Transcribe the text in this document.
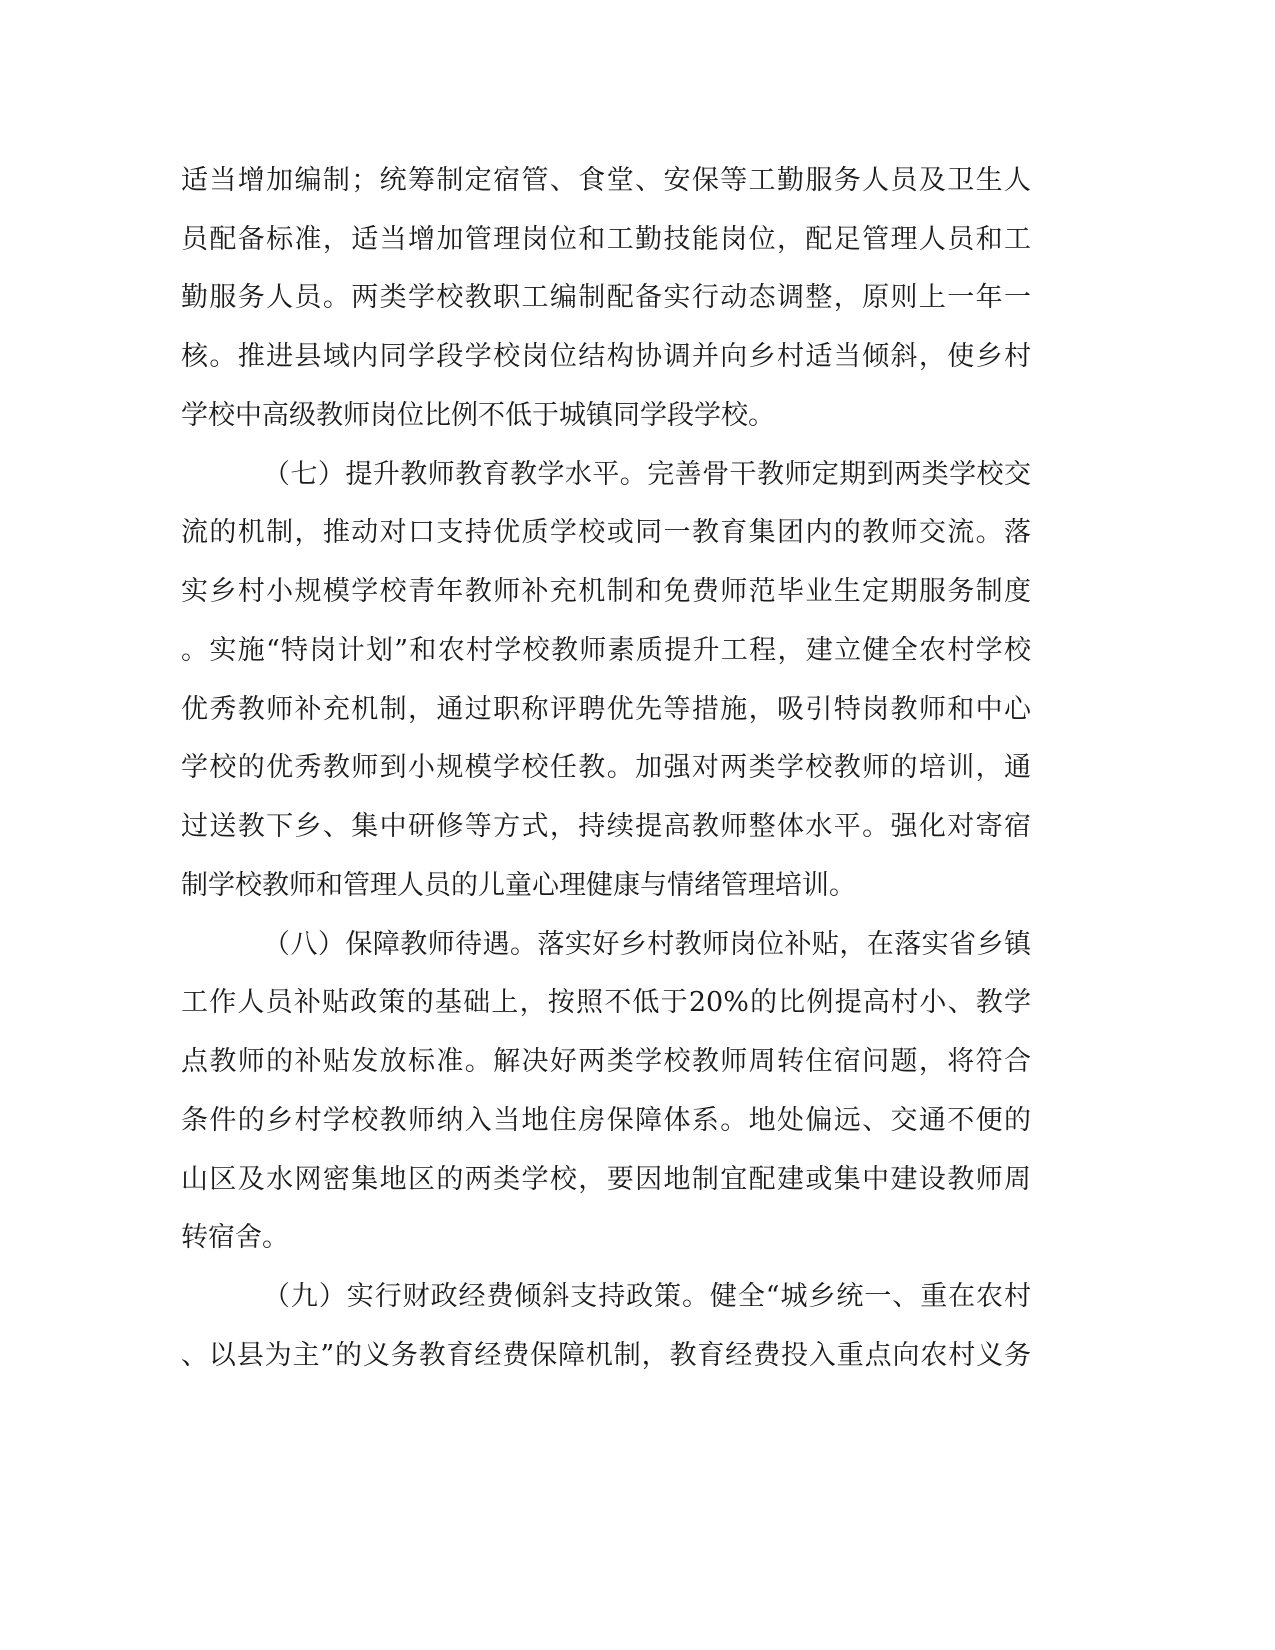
适当增加编制；统筹制定宿管、食堂、安保等工勤服务人员及卫生人
员配备标准，适当增加管理岗位和工勤技能岗位，配足管理人员和工
勤服务人员。两类学校教职工编制配备实行动态调整，原则上一年一
核。推进县域内同学段学校岗位结构协调并向乡村适当倾斜，使乡村
学校中高级教师岗位比例不低于城镇同学段学校。
（七）提升教师教育教学水平。完善骨干教师定期到两类学校交
流的机制，推动对口支持优质学校或同一教育集团内的教师交流。落
实乡村小规模学校青年教师补充机制和免费师范毕业生定期服务制度
。实施“特岗计划”和农村学校教师素质提升工程，建立健全农村学校
优秀教师补充机制，通过职称评聘优先等措施，吸引特岗教师和中心
学校的优秀教师到小规模学校任教。加强对两类学校教师的培训，通
过送教下乡、集中研修等方式，持续提高教师整体水平。强化对寄宿
制学校教师和管理人员的儿童心理健康与情绪管理培训。
（八）保障教师待遇。落实好乡村教师岗位补贴，在落实省乡镇
工作人员补贴政策的基础上，按照不低于20%的比例提高村小、教学
点教师的补贴发放标准。解决好两类学校教师周转住宿问题，将符合
条件的乡村学校教师纳入当地住房保障体系。地处偏远、交通不便的
山区及水网密集地区的两类学校，要因地制宜配建或集中建设教师周
转宿舍。
（九）实行财政经费倾斜支持政策。健全“城乡统一、重在农村
、以县为主”的义务教育经费保障机制，教育经费投入重点向农村义务
